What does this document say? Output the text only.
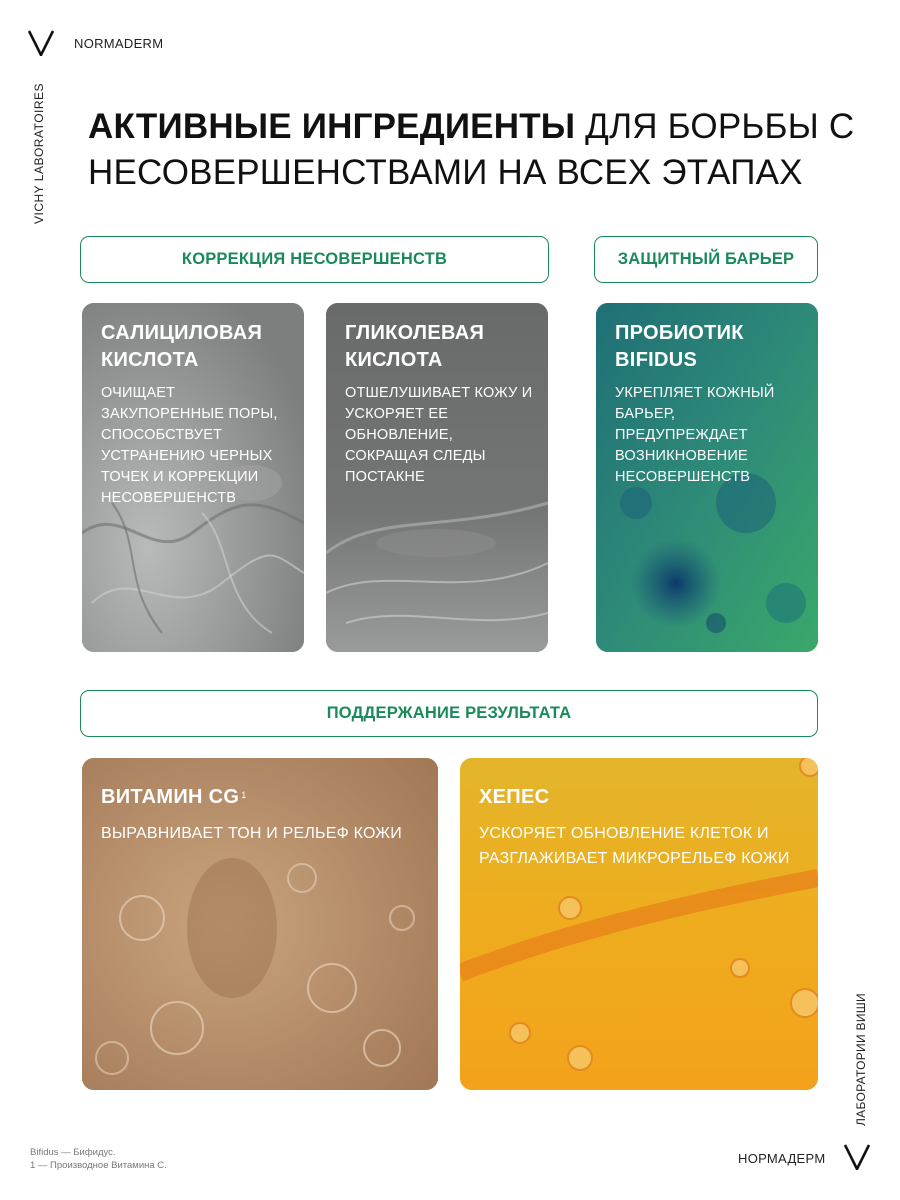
NORMADERM
VICHY LABORATOIRES АКТИВНЫЕ ИНГРЕДИЕНТЫ ДЛЯ БОРЬБЫ С НЕСОВЕРШЕНСТВАМИ НА ВСЕХ ЭТАПАХ
КОРРЕКЦИЯ НЕСОВЕРШЕНСТВ	ЗАЩИТНЫЙ БАРЬЕР
ПОДДЕРЖАНИЕ РЕЗУЛЬТАТА
САЛИЦИЛОВАЯ КИСЛОТА
ОЧИЩАЕТ ЗАКУПОРЕННЫЕ ПОРЫ, СПОСОБСТВУЕТ УСТРАНЕНИЮ ЧЕРНЫХ ТОЧЕК И КОРРЕКЦИИ НЕСОВЕРШЕНСТВ
ГЛИКОЛЕВАЯ КИСЛОТА
ОТШЕЛУШИВАЕТ КОЖУ И УСКОРЯЕТ ЕЕ ОБНОВЛЕНИЕ, СОКРАЩАЯ СЛЕДЫ ПОСТАКНЕ
ПРОБИОТИК BIFIDUS
УКРЕПЛЯЕТ КОЖНЫЙ БАРЬЕР, ПРЕДУПРЕЖДАЕТ ВОЗНИКНОВЕНИЕ НЕСОВЕРШЕНСТВ
ВИТАМИН CG $^1$
ВЫРАВНИВАЕТ ТОН И РЕЛЬЕФ КОЖИ
ХЕПЕС
УСКОРЯЕТ ОБНОВЛЕНИЕ КЛЕТОК И РАЗГЛАЖИВАЕТ МИКРОРЕЛЬЕФ КОЖИ
Bifidus — Бифидус.
1 — Производное Витамина С.	НОРМАДЕРМ
ЛАБОРАТОРИИ ВИШИ
